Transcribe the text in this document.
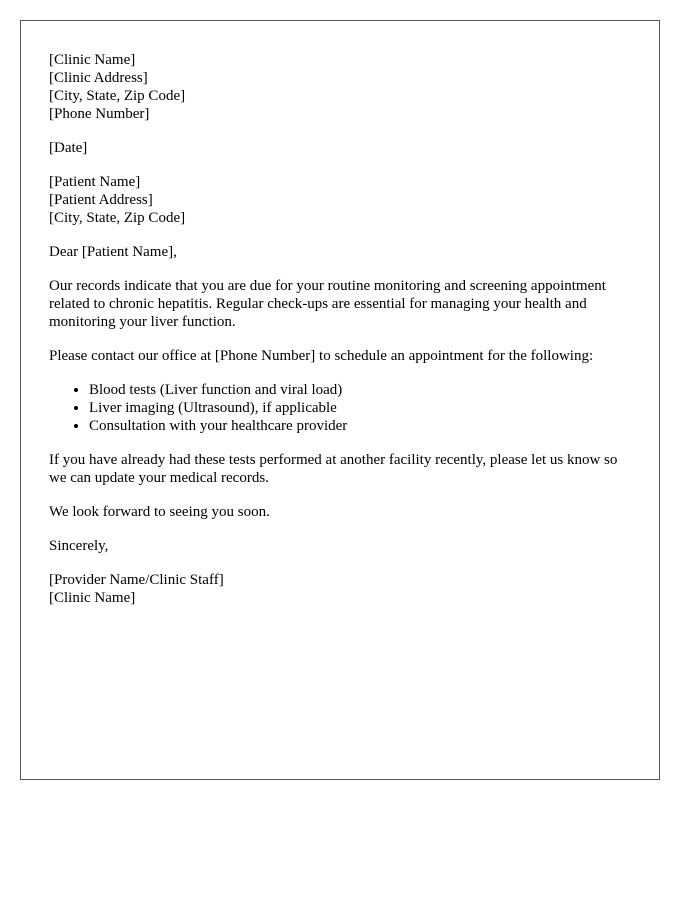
[Clinic Name]
[Clinic Address]
[City, State, Zip Code]
[Phone Number]

[Date]

[Patient Name]
[Patient Address]
[City, State, Zip Code]

Dear [Patient Name],

Our records indicate that you are due for your routine monitoring and screening appointment related to chronic hepatitis. Regular check-ups are essential for managing your health and monitoring your liver function.

Please contact our office at [Phone Number] to schedule an appointment for the following:

• Blood tests (Liver function and viral load)
• Liver imaging (Ultrasound), if applicable
• Consultation with your healthcare provider

If you have already had these tests performed at another facility recently, please let us know so we can update your medical records.

We look forward to seeing you soon.

Sincerely,

[Provider Name/Clinic Staff]
[Clinic Name]
